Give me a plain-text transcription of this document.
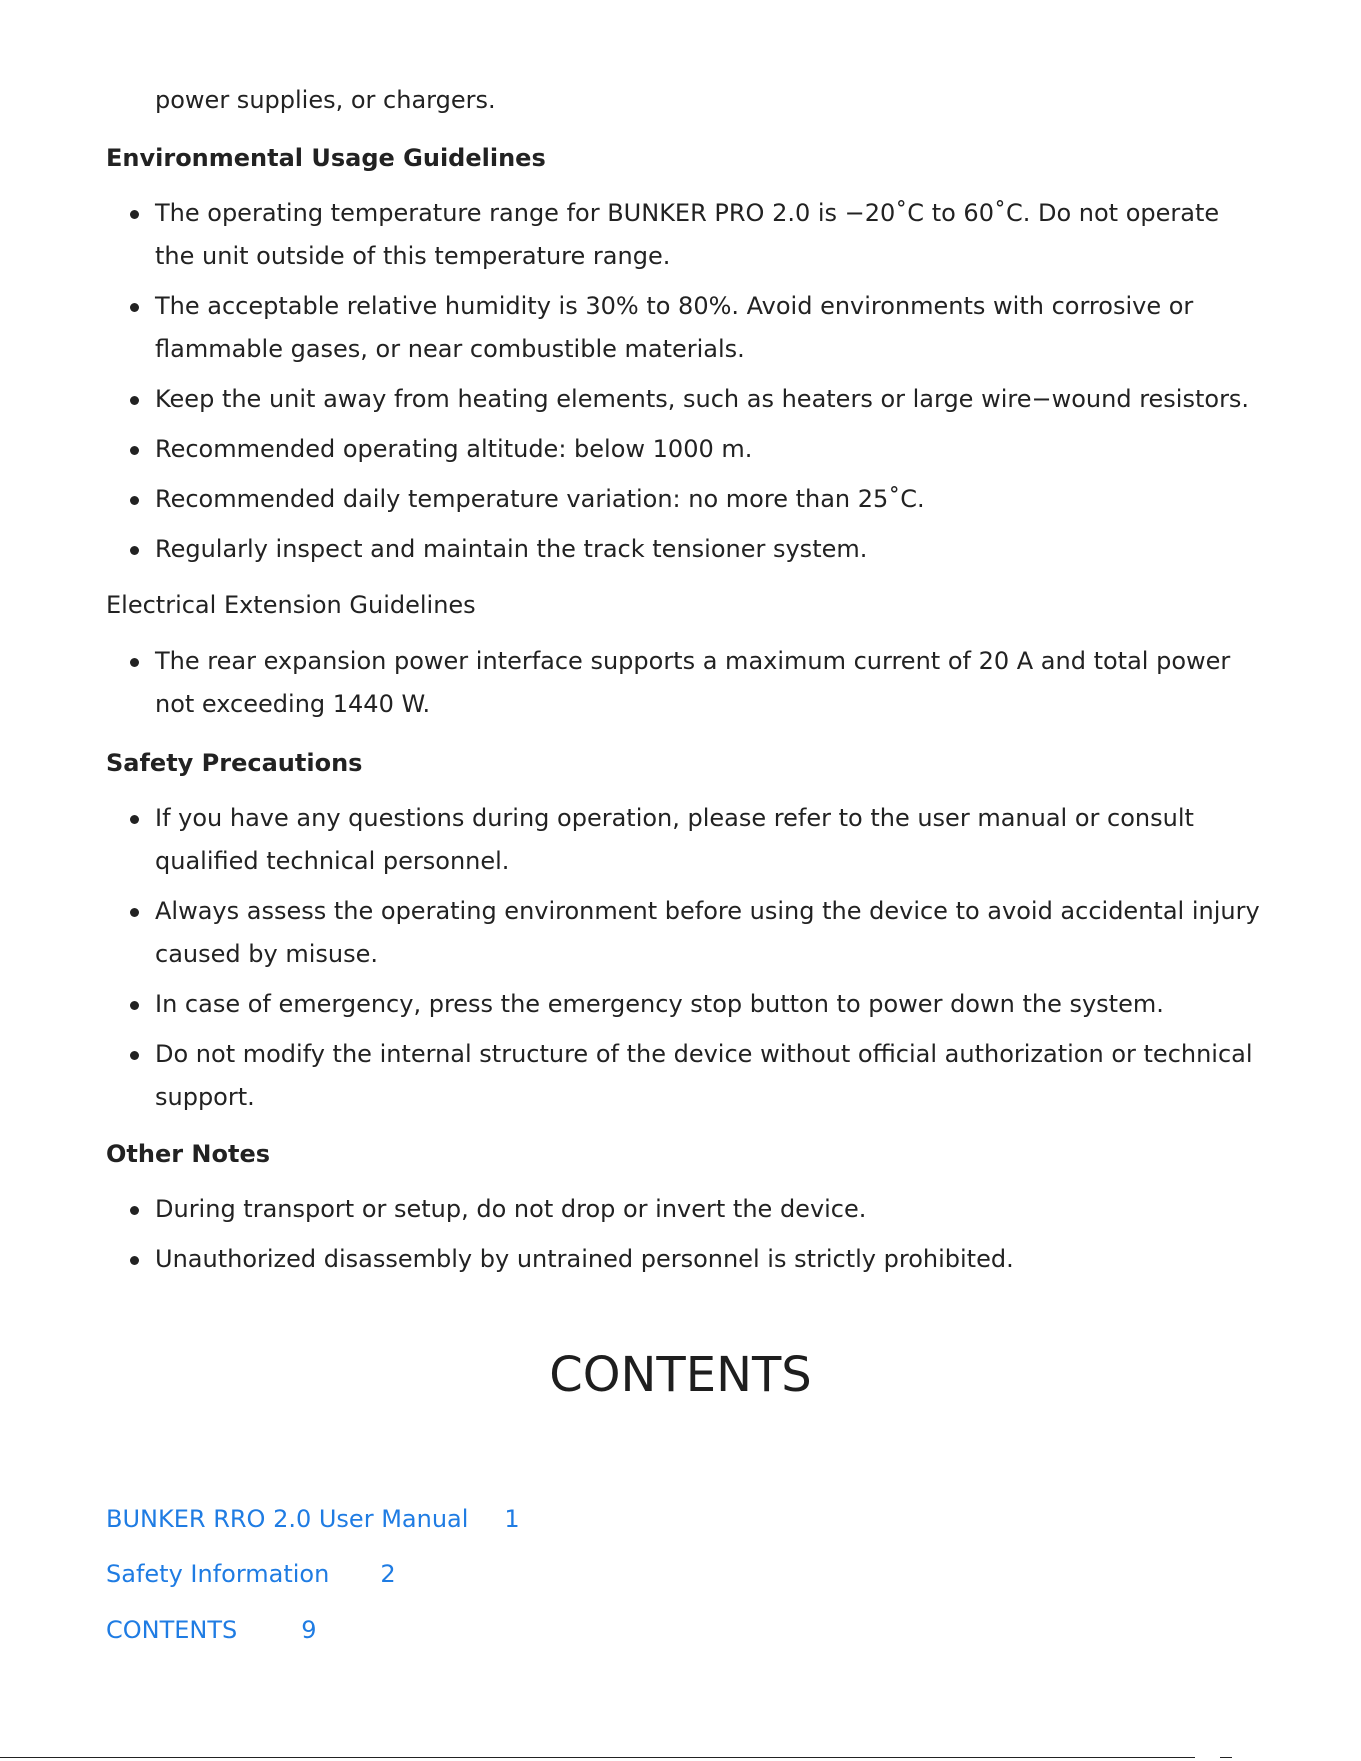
power supplies, or chargers.
Environmental Usage Guidelines
The operating temperature range for BUNKER PRO 2.0 is −20˚C to 60˚C. Do not operate the unit outside of this temperature range.
The acceptable relative humidity is 30% to 80%. Avoid environments with corrosive or flammable gases, or near combustible materials.
Keep the unit away from heating elements, such as heaters or large wire−wound resistors.
Recommended operating altitude: below 1000 m.
Recommended daily temperature variation: no more than 25˚C.
Regularly inspect and maintain the track tensioner system.
Electrical Extension Guidelines
The rear expansion power interface supports a maximum current of 20 A and total power not exceeding 1440 W.
Safety Precautions
If you have any questions during operation, please refer to the user manual or consult qualified technical personnel.
Always assess the operating environment before using the device to avoid accidental injury caused by misuse.
In case of emergency, press the emergency stop button to power down the system.
Do not modify the internal structure of the device without official authorization or technical support.
Other Notes
During transport or setup, do not drop or invert the device.
Unauthorized disassembly by untrained personnel is strictly prohibited.
CONTENTS
BUNKER RRO 2.0 User Manual 1
Safety Information 2
CONTENTS	9
